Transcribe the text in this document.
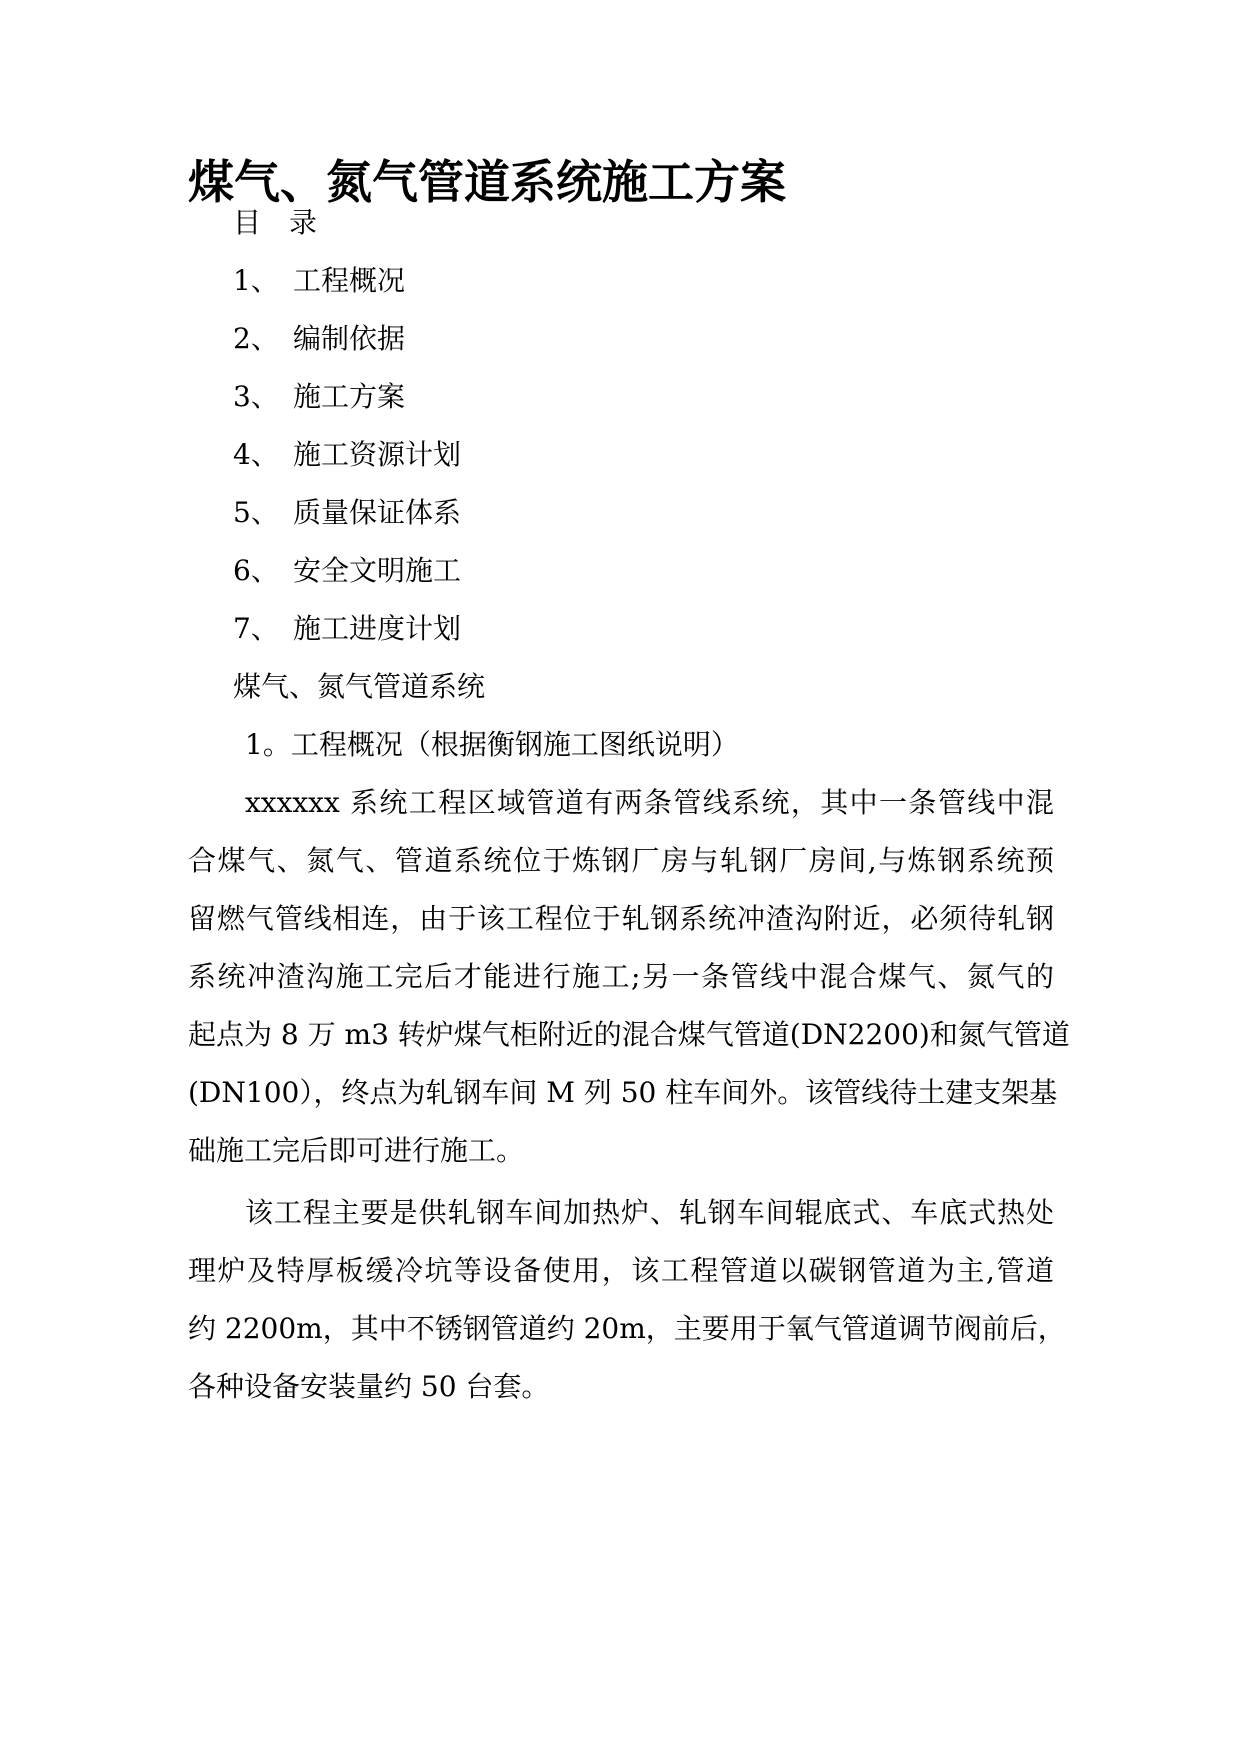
煤气、氮气管道系统施工方案
目 录
1、 工程概况
2、 编制依据
3、 施工方案
4、 施工资源计划
5、 质量保证体系
6、 安全文明施工
7、 施工进度计划
煤气、氮气管道系统
1。工程概况（根据衡钢施工图纸说明）
xxxxxx 系统工程区域管道有两条管线系统，其中一条管线中混
合煤气、氮气、管道系统位于炼钢厂房与轧钢厂房间,与炼钢系统预
留燃气管线相连，由于该工程位于轧钢系统冲渣沟附近，必须待轧钢
系统冲渣沟施工完后才能进行施工;另一条管线中混合煤气、氮气的
起点为 8 万 m3 转炉煤气柜附近的混合煤气管道(DN2200)和氮气管道
(DN100），终点为轧钢车间 M 列 50 柱车间外。该管线待土建支架基
础施工完后即可进行施工。
该工程主要是供轧钢车间加热炉、轧钢车间辊底式、车底式热处
理炉及特厚板缓冷坑等设备使用，该工程管道以碳钢管道为主,管道
约 2200m，其中不锈钢管道约 20m，主要用于氧气管道调节阀前后，
各种设备安装量约 50 台套。
